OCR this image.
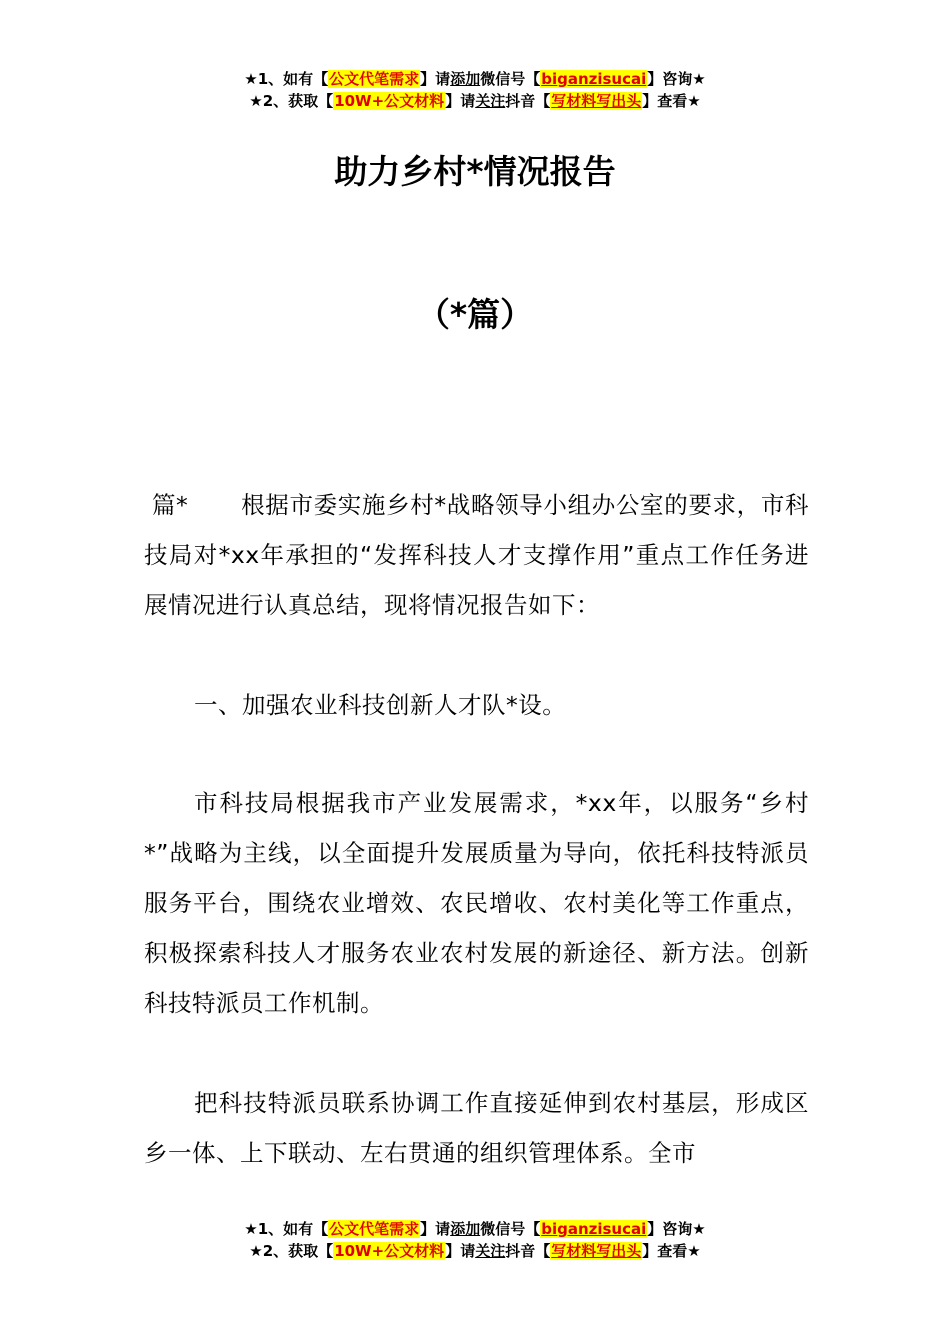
★1、如有【公文代笔需求】请添加微信号【biganzisucai】咨询★
★2、获取【10W+公文材料】请关注抖音【写材料写出头】查看★
助力乡村*情况报告
（*篇）
篇* 根据市委实施乡村*战略领导小组办公室的要求，市科技局对*xx年承担的“发挥科技人才支撑作用”重点工作任务进展情况进行认真总结，现将情况报告如下：
一、加强农业科技创新人才队*设。
市科技局根据我市产业发展需求，*xx年，以服务“乡村*”战略为主线，以全面提升发展质量为导向，依托科技特派员服务平台，围绕农业增效、农民增收、农村美化等工作重点，积极探索科技人才服务农业农村发展的新途径、新方法。创新科技特派员工作机制。
把科技特派员联系协调工作直接延伸到农村基层，形成区乡一体、上下联动、左右贯通的组织管理体系。全市
★1、如有【公文代笔需求】请添加微信号【biganzisucai】咨询★
★2、获取【10W+公文材料】请关注抖音【写材料写出头】查看★
